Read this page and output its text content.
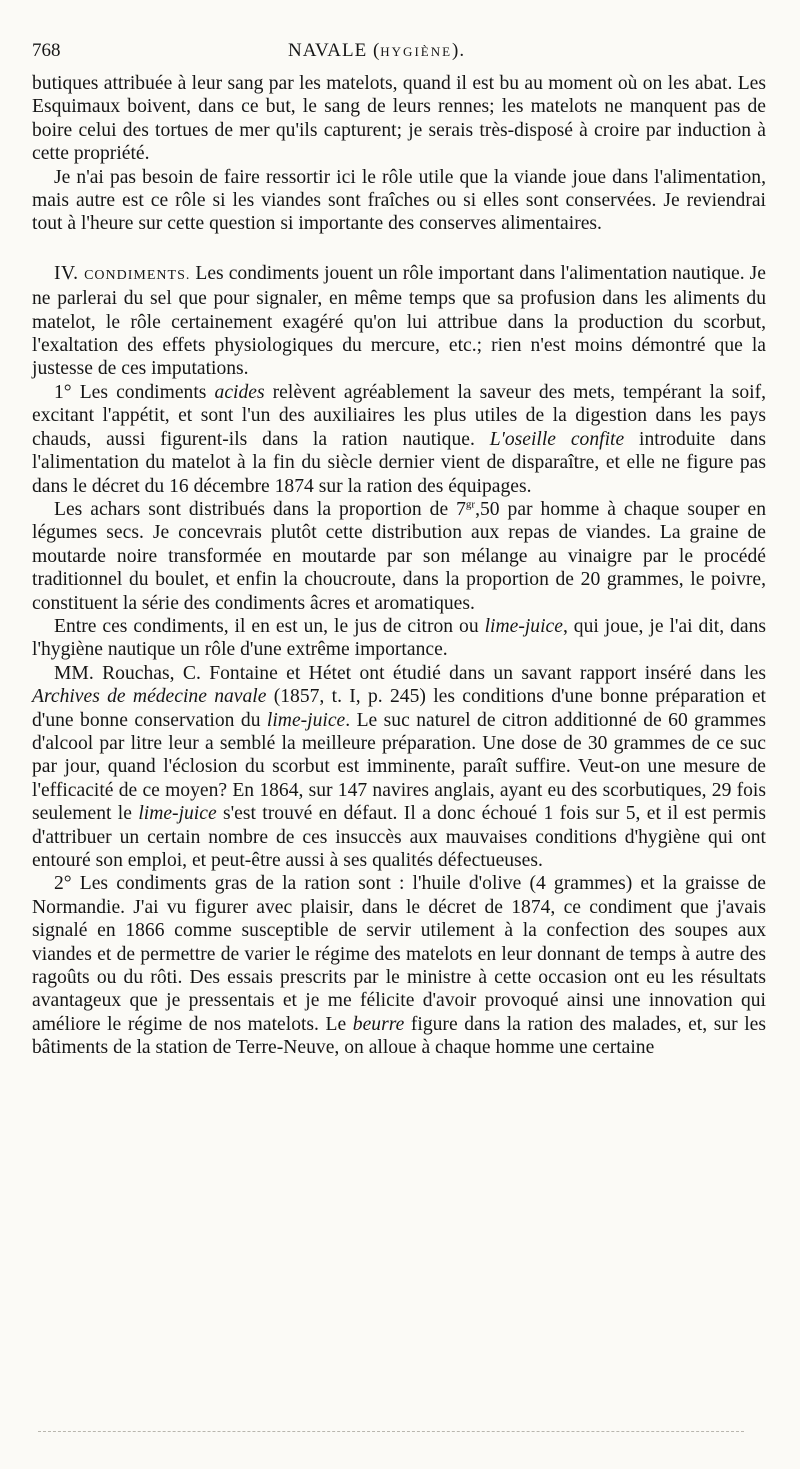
768	NAVALE (HYGIÈNE).

butiques attribuée à leur sang par les matelots, quand il est bu au moment où on les abat. Les Esquimaux boivent, dans ce but, le sang de leurs rennes; les matelots ne manquent pas de boire celui des tortues de mer qu'ils capturent; je serais très-disposé à croire par induction à cette propriété.

Je n'ai pas besoin de faire ressortir ici le rôle utile que la viande joue dans l'alimentation, mais autre est ce rôle si les viandes sont fraîches ou si elles sont conservées. Je reviendrai tout à l'heure sur cette question si importante des conserves alimentaires.

IV. CONDIMENTS. Les condiments jouent un rôle important dans l'alimentation nautique. Je ne parlerai du sel que pour signaler, en même temps que sa profusion dans les aliments du matelot, le rôle certainement exagéré qu'on lui attribue dans la production du scorbut, l'exaltation des effets physiologiques du mercure, etc.; rien n'est moins démontré que la justesse de ces imputations.

1° Les condiments acides relèvent agréablement la saveur des mets, tempérant la soif, excitant l'appétit, et sont l'un des auxiliaires les plus utiles de la digestion dans les pays chauds, aussi figurent-ils dans la ration nautique. L'oseille confite introduite dans l'alimentation du matelot à la fin du siècle dernier vient de disparaître, et elle ne figure pas dans le décret du 16 décembre 1874 sur la ration des équipages.

Les achars sont distribués dans la proportion de $7^{gr},50$ par homme à chaque souper en légumes secs. Je concevrais plutôt cette distribution aux repas de viandes. La graine de moutarde noire transformée en moutarde par son mélange au vinaigre par le procédé traditionnel du boulet, et enfin la choucroute, dans la proportion de 20 grammes, le poivre, constituent la série des condiments âcres et aromatiques.

Entre ces condiments, il en est un, le jus de citron ou lime-juice, qui joue, je l'ai dit, dans l'hygiène nautique un rôle d'une extrême importance.

MM. Rouchas, C. Fontaine et Hétet ont étudié dans un savant rapport inséré dans les Archives de médecine navale (1857, t. I, p. 245) les conditions d'une bonne préparation et d'une bonne conservation du lime-juice. Le suc naturel de citron additionné de 60 grammes d'alcool par litre leur a semblé la meilleure préparation. Une dose de 30 grammes de ce suc par jour, quand l'éclosion du scorbut est imminente, paraît suffire. Veut-on une mesure de l'efficacité de ce moyen? En 1864, sur 147 navires anglais, ayant eu des scorbutiques, 29 fois seulement le lime-juice s'est trouvé en défaut. Il a donc échoué 1 fois sur 5, et il est permis d'attribuer un certain nombre de ces insuccès aux mauvaises conditions d'hygiène qui ont entouré son emploi, et peut-être aussi à ses qualités défectueuses.

2° Les condiments gras de la ration sont : l'huile d'olive (4 grammes) et la graisse de Normandie. J'ai vu figurer avec plaisir, dans le décret de 1874, ce condiment que j'avais signalé en 1866 comme susceptible de servir utilement à la confection des soupes aux viandes et de permettre de varier le régime des matelots en leur donnant de temps à autre des ragoûts ou du rôti. Des essais prescrits par le ministre à cette occasion ont eu les résultats avantageux que je pressentais et je me félicite d'avoir provoqué ainsi une innovation qui améliore le régime de nos matelots. Le beurre figure dans la ration des malades, et, sur les bâtiments de la station de Terre-Neuve, on alloue à chaque homme une certaine
